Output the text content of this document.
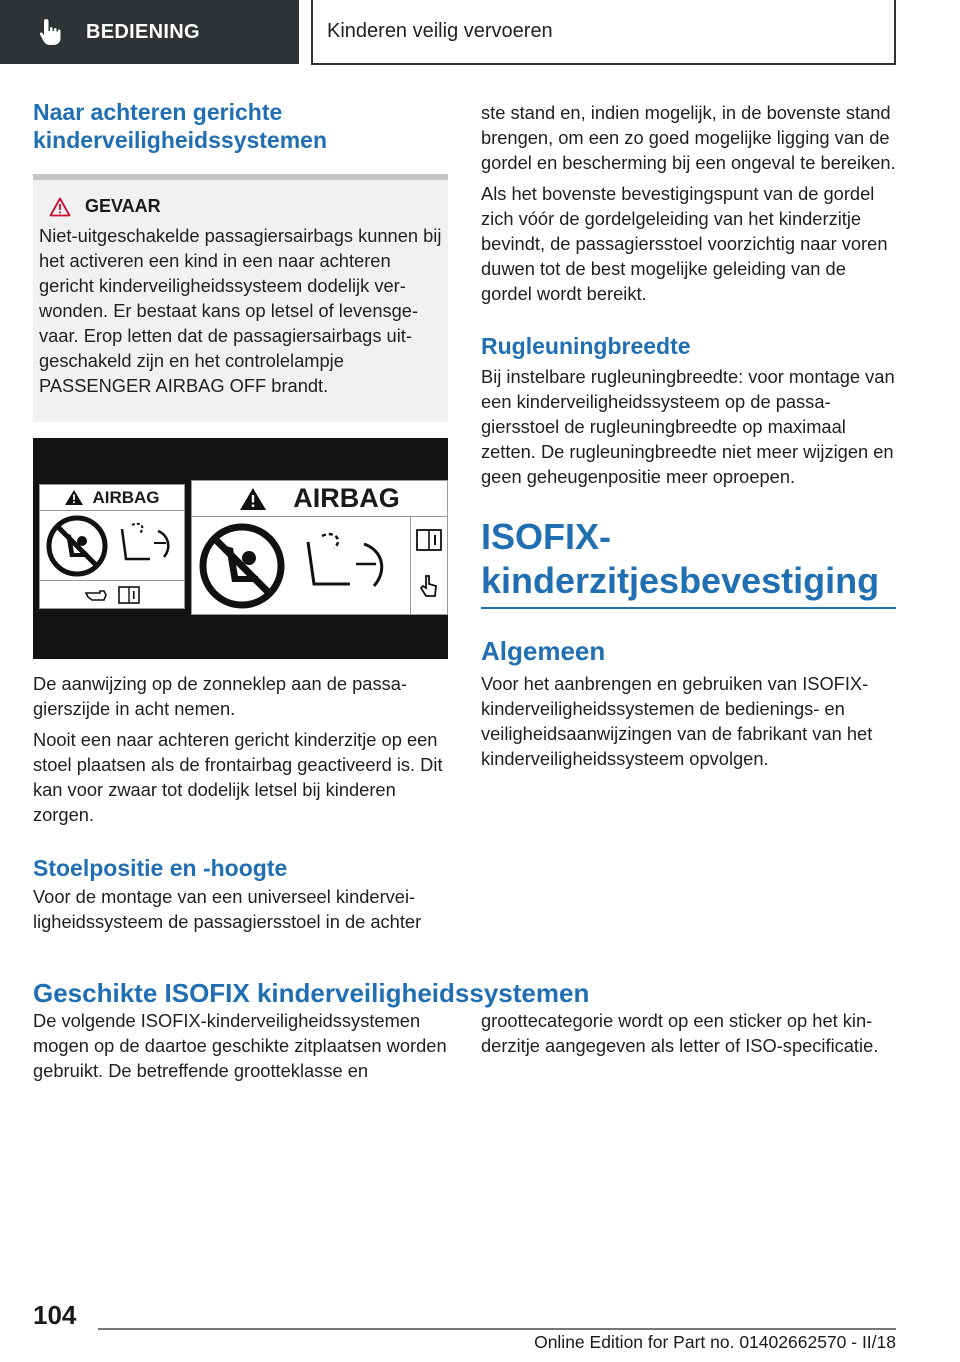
BEDIENING	Kinderen veilig vervoeren
Naar achteren gerichte kinderveiligheidssystemen
GEVAAR
Niet-uitgeschakelde passagiersairbags kunnen bij het activeren een kind in een naar achteren gericht kinderveiligheidssysteem dodelijk verwonden. Er bestaat kans op letsel of levensgevaar. Erop letten dat de passagiersairbags uitgeschakeld zijn en het controlelampje PASSENGER AIRBAG OFF brandt.
AIRBAG	AIRBAG
De aanwijzing op de zonneklep aan de passagierszijde in acht nemen.
Nooit een naar achteren gericht kinderzitje op een stoel plaatsen als de frontairbag geactiveerd is. Dit kan voor zwaar tot dodelijk letsel bij kinderen zorgen.
Stoelpositie en -hoogte
Voor de montage van een universeel kinderveiligheidssysteem de passagiersstoel in de achter
ste stand en, indien mogelijk, in de bovenste stand brengen, om een zo goed mogelijke ligging van de gordel en bescherming bij een ongeval te bereiken.
Als het bovenste bevestigingspunt van de gordel zich vóór de gordelgeleiding van het kinderzitje bevindt, de passagiersstoel voorzichtig naar voren duwen tot de best mogelijke geleiding van de gordel wordt bereikt.
Rugleuningbreedte
Bij instelbare rugleuningbreedte: voor montage van een kinderveiligheidssysteem op de passagiersstoel de rugleuningbreedte op maximaal zetten. De rugleuningbreedte niet meer wijzigen en geen geheugenpositie meer oproepen.
ISOFIX-kinderzitjesbevestiging
Algemeen
Voor het aanbrengen en gebruiken van ISOFIX-kinderveiligheidssystemen de bedienings- en veiligheidsaanwijzingen van de fabrikant van het kinderveiligheidssysteem opvolgen.
Geschikte ISOFIX kinderveiligheidssystemen
De volgende ISOFIX-kinderveiligheidssystemen mogen op de daartoe geschikte zitplaatsen worden gebruikt. De betreffende grootteklasse en
groottecategorie wordt op een sticker op het kinderzitje aangegeven als letter of ISO-specificatie.
104
Online Edition for Part no. 01402662570 - II/18
